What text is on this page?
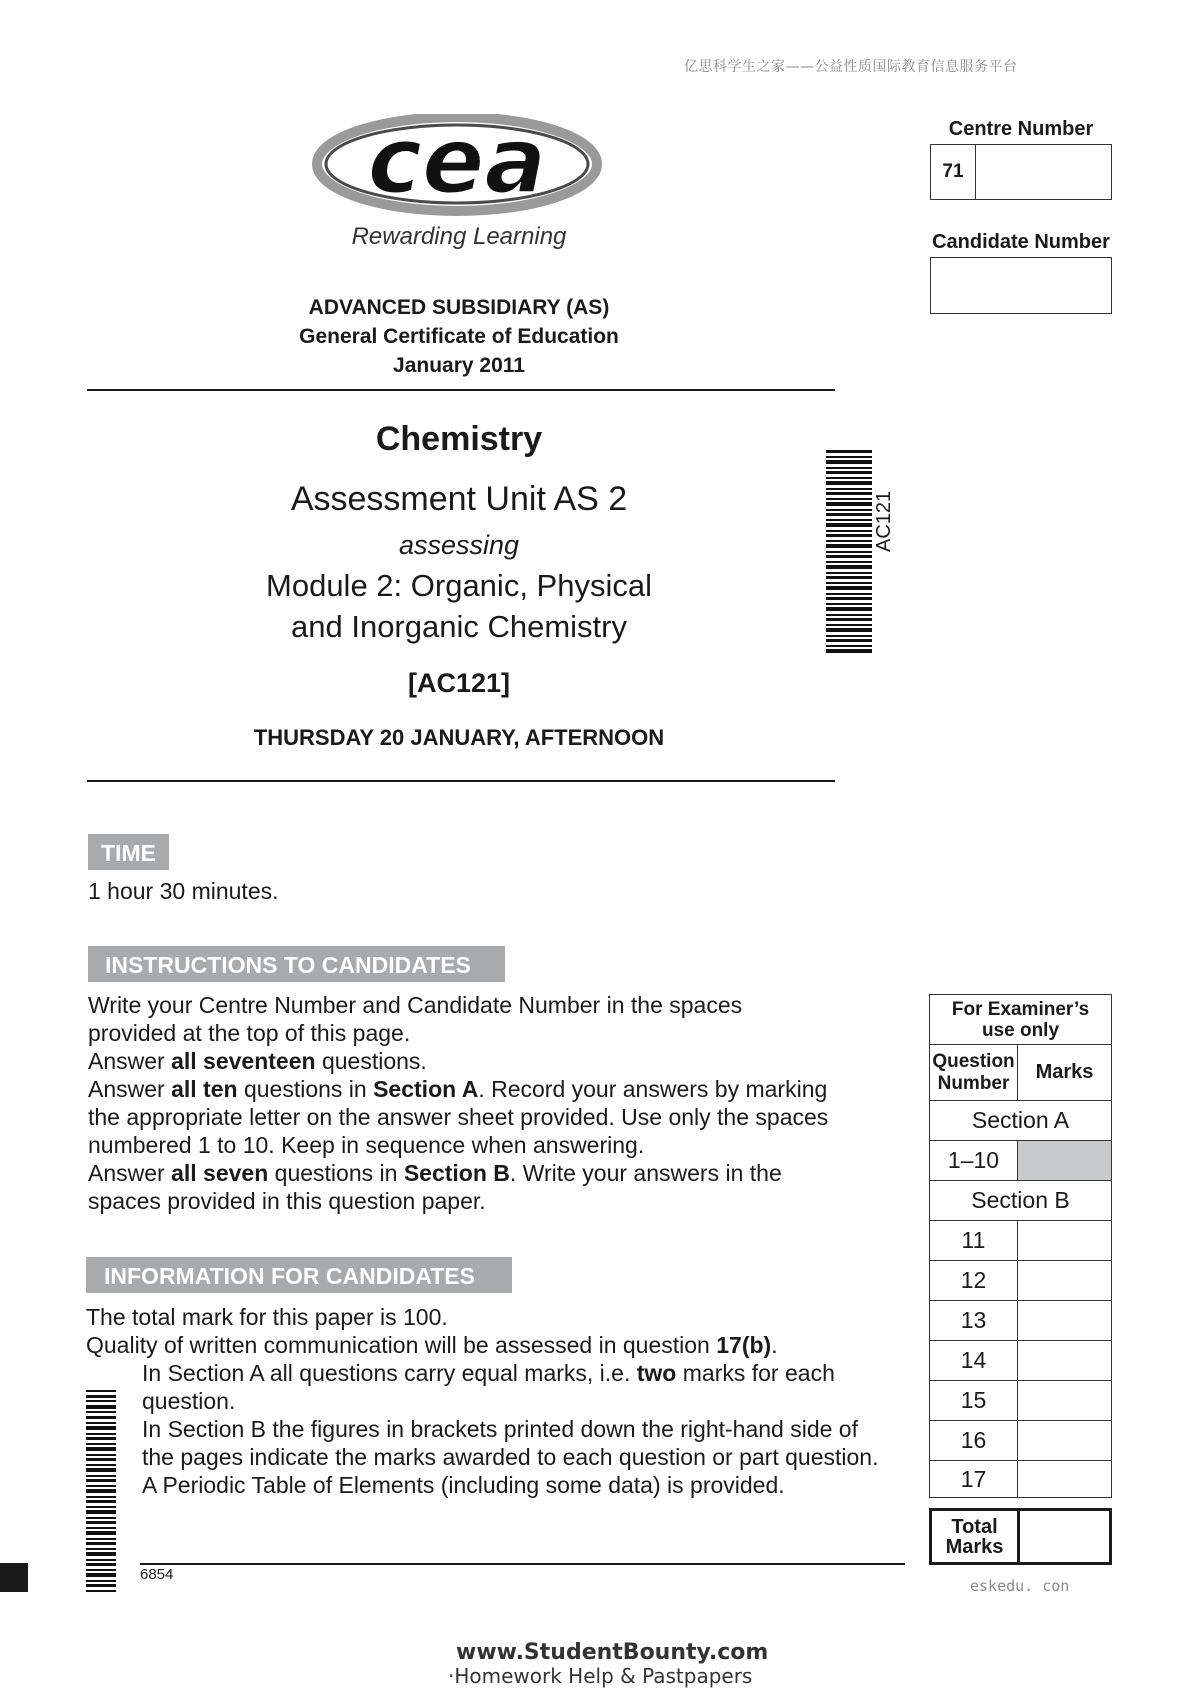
亿思科学生之家——公益性质国际教育信息服务平台
cea
Rewarding Learning
ADVANCED SUBSIDIARY (AS)
General Certificate of Education
January 2011
Chemistry
Assessment Unit AS 2
assessing
Module 2: Organic, Physical
and Inorganic Chemistry
[AC121]
THURSDAY 20 JANUARY, AFTERNOON
AC121
Centre Number
71
Candidate Number
TIME
1 hour 30 minutes.
INSTRUCTIONS TO CANDIDATES
Write your Centre Number and Candidate Number in the spaces
provided at the top of this page.
Answer all seventeen questions.
Answer all ten questions in Section A. Record your answers by marking
the appropriate letter on the answer sheet provided. Use only the spaces
numbered 1 to 10. Keep in sequence when answering.
Answer all seven questions in Section B. Write your answers in the
spaces provided in this question paper.
INFORMATION FOR CANDIDATES
The total mark for this paper is 100.
Quality of written communication will be assessed in question 17(b).
In Section A all questions carry equal marks, i.e. two marks for each
question.
In Section B the figures in brackets printed down the right-hand side of
the pages indicate the marks awarded to each question or part question.
A Periodic Table of Elements (including some data) is provided.
For Examiner’s
use only
Question
Number	Marks
Section A
1–10
Section B
11
12
13
14
15
16
17
Total
Marks
6854
eskedu. con
www.StudentBounty.com
·Homework Help & Pastpapers
